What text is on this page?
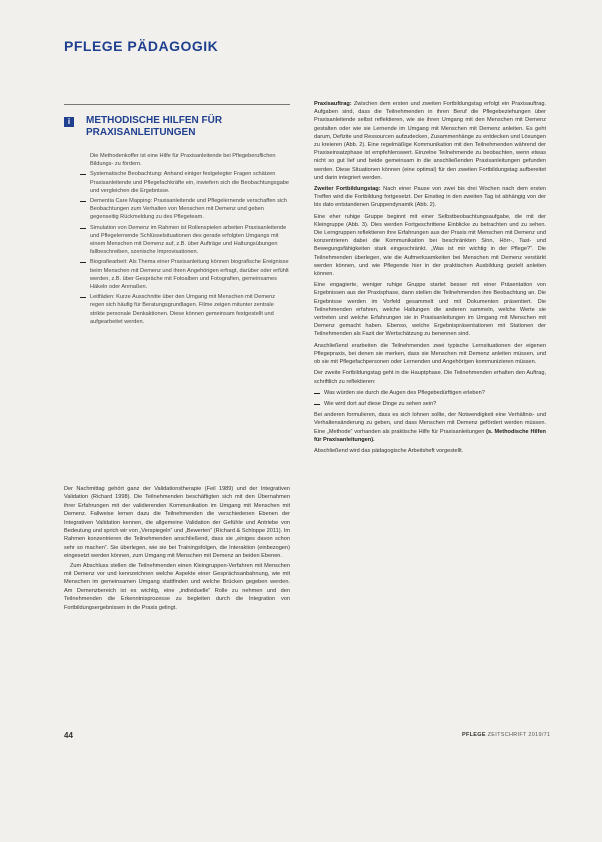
PFLEGE PÄDAGOGIK
i	METHODISCHE HILFEN FÜR PRAXISANLEITUNGEN

Die Methodenkoffer ist eine Hilfe für Praxisanleitende bei Pflegeberuflichen Bildungs- zu fördern.

Systematische Beobachtung: Anhand einiger festgelegter Fragen schätzen Praxisanleitende und Pflegefachkräfte ein, inwiefern sich die Beobachtungsgabe und vergleichen die Ergebnisse.
Dementia Care Mapping: Praxisanleitende und Pflegelernende verschaffen sich Beobachtungen zum Verhalten von Menschen mit Demenz und geben gegenseitig Rückmeldung zu des Pflegeteam.
Simulation von Demenz im Rahmen ist Rollenspielen arbeiten Praxisanleitende und Pflegelernende Schlüsselsituationen des gerade erfolgten Umgangs mit einem Menschen mit Demenz auf, z.B. über Aufträge und Haltungsübungen fallbeschreiben, szenische Improvisationen.
Biografiearbeit: Als Thema einer Praxisanleitung können biografische Ereignisse beim Menschen mit Demenz und ihren Angehörigen erfragt, darüber oder erfühlt werden, z.B. über Gespräche mit Fotoalben und Fotografien, gemeinsames Häkeln oder Anmaßen.
Leitfäden: Kurze Ausschnitte über den Umgang mit Menschen mit Demenz regen sich häufig für Beratungsgrundlagen. Filme zeigen mitunter zentrale strikte personale Denkaktionen. Diese können gemeinsam festgestellt und aufgearbeitet werden.

Der Nachmittag gehört ganz der Validationstherapie (Feil 1989) und der Integrativen Validation (Richard 1998). Die Teilnehmenden beschäftigten sich mit den Übernahmen ihrer Erfahrungen mit der validierenden Kommunikation im Umgang mit Menschen mit Demenz. Fallweise lernen dazu die Teilnehmenden die verschiedenen Ebenen der Integrativen Validation kennen, die allgemeine Validation der Gefühle und Antriebe von Bedeutung und sprich wir von „Verspiegeln“ und „Bewerten“ (Richard & Schloppe 2011). Im Rahmen konzentrieren die Teilnehmenden anschließend, dass sie „einiges davon schon sehr so machen“. Sie überlegen, wie sie bei Trainingsfolgen, die Interaktion (einbezogen) eingesetzt werden können, zum Umgang mit Menschen mit Demenz an beiden Ebenen.

Zum Abschluss stellen die Teilnehmenden einen Kleingruppen-Verfahren mit Menschen mit Demenz vor und kennzeichnen welche Aspekte einer Gesprächsanbahnung, wie mit Menschen im gemeinsamen Umgang stattfinden und welche Brücken gegeben werden. Am Demenzbereich ist es wichtig, eine „individuelle“ Rolle zu nehmen und den Teilnehmenden die Erkenntnisprozesse zu begleiten durch die Integration von Fortbildungsergebnissen in die Praxis gelingt.

Praxisauftrag: Zwischen dem ersten und zweiten Fortbildungstag erfolgt ein Praxisauftrag. Aufgaben sind, dass die Teilnehmenden in ihren Beruf die Pflegebeziehungen über Praxisanleitende selbst reflektieren, wie sie ihren Umgang mit den Menschen mit Demenz gestalten oder wie sie Lernende im Umgang mit Menschen mit Demenz anleiten. Es geht darum, Defizite und Ressourcen aufzudecken, Zusammenhänge zu entdecken und Lösungen zu kreieren (Abb. 2). Eine regelmäßige Kommunikation mit den Teilnehmenden während der Praxiseinsatzphase ist empfehlenswert. Einzelne Teilnehmende zu beobachten, wenn etwas nicht so gut lief und beide gemeinsam in die anschließenden Praxisanleitungen gefunden werden. Diese Situationen können (eine optimal) für den zweiten Fortbildungstag aufbereitet und darin integriert werden.

Zweiter Fortbildungstag: Nach einer Pause von zwei bis drei Wochen nach dem ersten Treffen wird die Fortbildung fortgesetzt. Der Einstieg in den zweiten Tag ist abhängig von der bis dato entstandenen Gruppendynamik (Abb. 2).

Eine eher ruhige Gruppe beginnt mit einer Selbstbeobachtungsaufgabe, die mit der Kleingruppe (Abb. 3). Dies werden Fortgeschrittene Einblicke zu betrachten und zu sehen. Die Lerngruppen reflektieren ihre Erfahrungen aus der Praxis mit Menschen mit Demenz und konzentrieren dabei die Kommunikation bei beschränkten Sinn, Hörr-, Tast- und Bewegungsfähigkeiten stark eingeschränkt. „Was ist mir wichtig in der Pflege?“. Die Teilnehmenden überlegen, wie die Aufmerksamkeiten bei Menschen mit Demenz verstärkt werden können, und wie Pflegende hier in der praktischen Ausbildung gezielt anleiten können.

Eine engagierte, weniger ruhige Gruppe startet besser mit einer Präsentation von Ergebnissen aus der Praxisphase, dann stellen die Teilnehmenden ihre Beobachtung an. Die Ergebnisse werden im Vorfeld gesammelt und mit Dokumenten präsentiert. Die Teilnehmenden erfahren, welche Haltungen die anderen sammeln, welche Werte sie vertreten und welche Erfahrungen sie in Praxisanleitungen im Umgang mit Menschen mit Demenz gemacht haben. Ebenso, welche Ergebnispräsentationen mit Stationen der Teilnehmenden als Fazit der Wertschätzung zu benennen sind.

Anschließend erarbeiten die Teilnehmenden zwei typische Lernsituationen der eigenen Pflegepraxis, bei denen sie merken, dass sie Menschen mit Demenz anleiten müssen, und ob sie mit Pflegefachpersonen oder Lernenden und Angehörigen kommunizieren müssen.

Der zweite Fortbildungstag geht in die Hauptphase. Die Teilnehmenden erhalten den Auftrag, schriftlich zu reflektieren:

Was würden sie durch die Augen des Pflegebedürftigen erleben?

Wie wird dort auf diese Dinge zu sehen sein?

Bei anderen formulieren, dass es sich lohnen sollte, der Notwendigkeit eine Verhältnis- und Verhaltensänderung zu geben, und dass Menschen mit Demenz gefördert werden müssen. Eine „Methode“ vorhanden als praktische Hilfe für Praxisanleitungen (s. Methodische Hilfen für Praxisanleitungen).

Abschließend wird das pädagogische Arbeitsheft vorgestellt.

44	PFLEGE ZEITSCHRIFT 2019/71
